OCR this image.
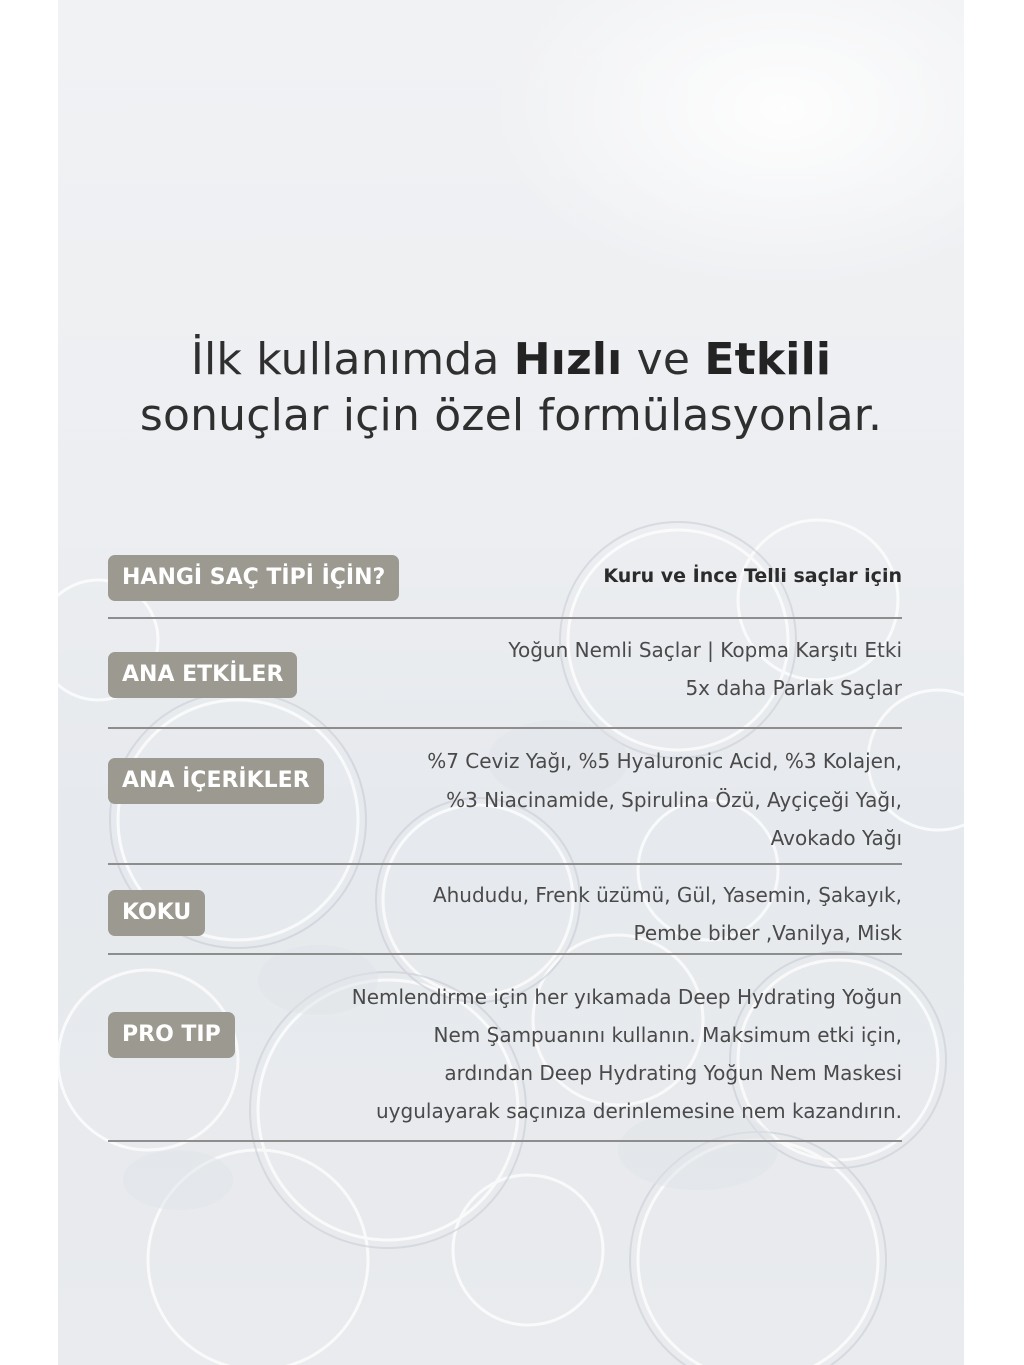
İlk kullanımda Hızlı ve Etkili
sonuçlar için özel formülasyonlar.
HANGİ SAÇ TİPİ İÇİN?	Kuru ve İnce Telli saçlar için
ANA ETKİLER
Yoğun Nemli Saçlar | Kopma Karşıtı Etki
5x daha Parlak Saçlar
ANA İÇERİKLER
%7 Ceviz Yağı, %5 Hyaluronic Acid, %3 Kolajen,
%3 Niacinamide, Spirulina Özü, Ayçiçeği Yağı,
Avokado Yağı
KOKU
Ahududu, Frenk üzümü, Gül, Yasemin, Şakayık,
Pembe biber ,Vanilya, Misk
PRO TIP
Nemlendirme için her yıkamada Deep Hydrating Yoğun
Nem Şampuanını kullanın. Maksimum etki için,
ardından Deep Hydrating Yoğun Nem Maskesi
uygulayarak saçınıza derinlemesine nem kazandırın.
